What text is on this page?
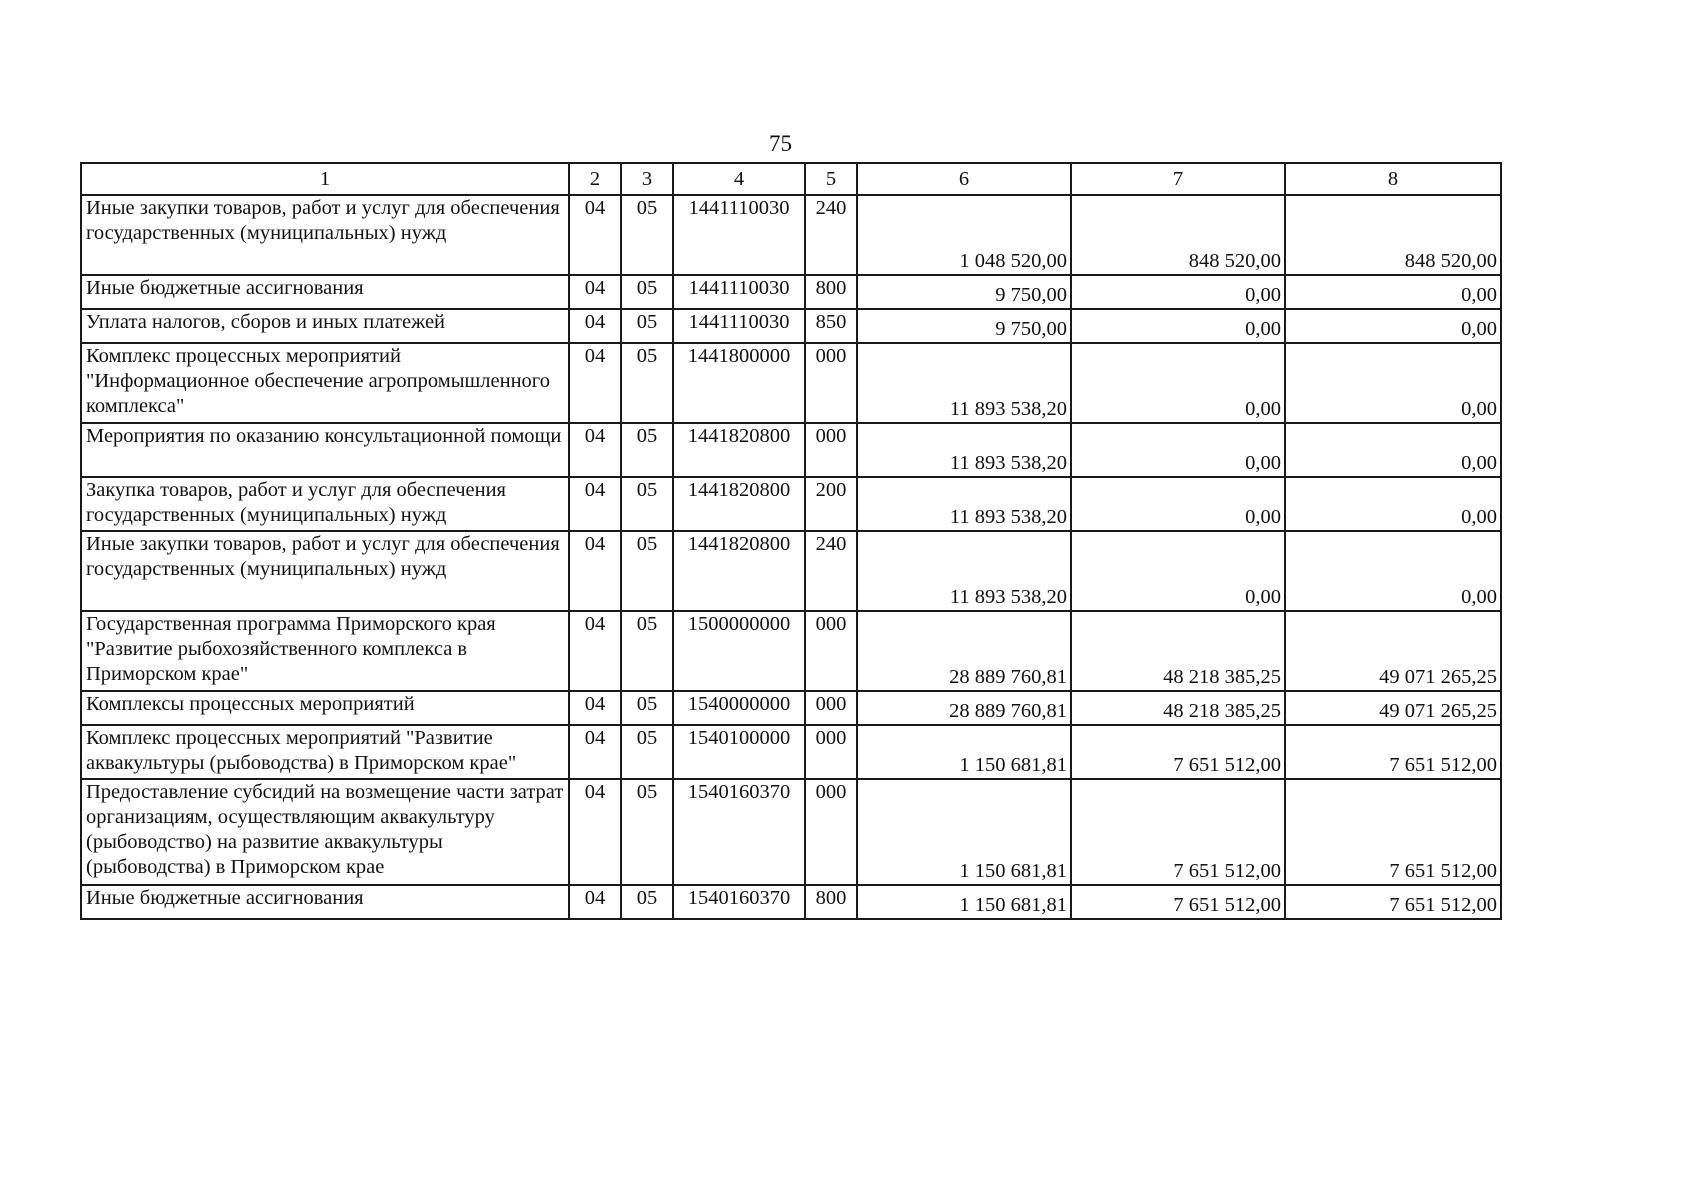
75
1	2	3	4	5	6	7	8
Иные закупки товаров, работ и услуг для обеспечения государственных (муниципальных) нужд	04	05	1441110030	240	1 048 520,00	848 520,00	848 520,00
Иные бюджетные ассигнования	04	05	1441110030	800	9 750,00	0,00	0,00
Уплата налогов, сборов и иных платежей	04	05	1441110030	850	9 750,00	0,00	0,00
Комплекс процессных мероприятий "Информационное обеспечение агропромышленного комплекса"	04	05	1441800000	000	11 893 538,20	0,00	0,00
Мероприятия по оказанию консультационной помощи	04	05	1441820800	000	11 893 538,20	0,00	0,00
Закупка товаров, работ и услуг для обеспечения государственных (муниципальных) нужд	04	05	1441820800	200	11 893 538,20	0,00	0,00
Иные закупки товаров, работ и услуг для обеспечения государственных (муниципальных) нужд	04	05	1441820800	240	11 893 538,20	0,00	0,00
Государственная программа Приморского края "Развитие рыбохозяйственного комплекса в Приморском крае"	04	05	1500000000	000	28 889 760,81	48 218 385,25	49 071 265,25
Комплексы процессных мероприятий	04	05	1540000000	000	28 889 760,81	48 218 385,25	49 071 265,25
Комплекс процессных мероприятий "Развитие аквакультуры (рыбоводства) в Приморском крае"	04	05	1540100000	000	1 150 681,81	7 651 512,00	7 651 512,00
Предоставление субсидий на возмещение части затрат организациям, осуществляющим аквакультуру (рыбоводство) на развитие аквакультуры (рыбоводства) в Приморском крае	04	05	1540160370	000	1 150 681,81	7 651 512,00	7 651 512,00
Иные бюджетные ассигнования	04	05	1540160370	800	1 150 681,81	7 651 512,00	7 651 512,00
